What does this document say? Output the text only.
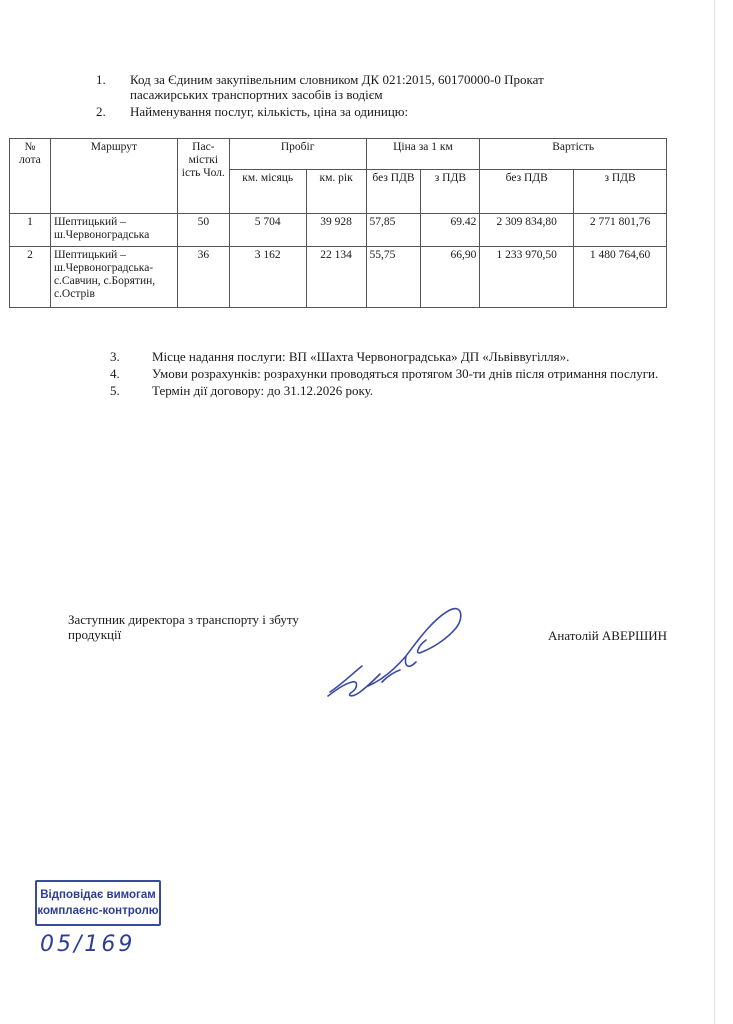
1.	Код за Єдиним закупівельним словником ДК 021:2015, 60170000-0 Прокат пасажирських транспортних засобів із водієм
2.	Найменування послуг, кількість, ціна за одиницю:
№ лота	Маршрут	Пас- місткі ість Чол.	Пробіг		Ціна за 1 км		Вартість	
			км. місяць	км. рік	без ПДВ	з ПДВ	без ПДВ	з ПДВ
1	Шептицький – ш.Червоноградська	50	5 704	39 928	57,85	69.42	2 309 834,80	2 771 801,76
2	Шептицький – ш.Червоноградська- с.Савчин, с.Борятин, с.Острів	36	3 162	22 134	55,75	66,90	1 233 970,50	1 480 764,60
3.	Місце надання послуги: ВП «Шахта Червоноградська» ДП «Львіввугілля».
4.	Умови розрахунків: розрахунки проводяться протягом 30-ти днів після отримання послуги.
5.	Термін дії договору: до 31.12.2026 року.
Заступник директора з транспорту і збуту продукції	Анатолій АВЕРШИН
Відповідає вимогам
комплаєнс-контролю
05/169
